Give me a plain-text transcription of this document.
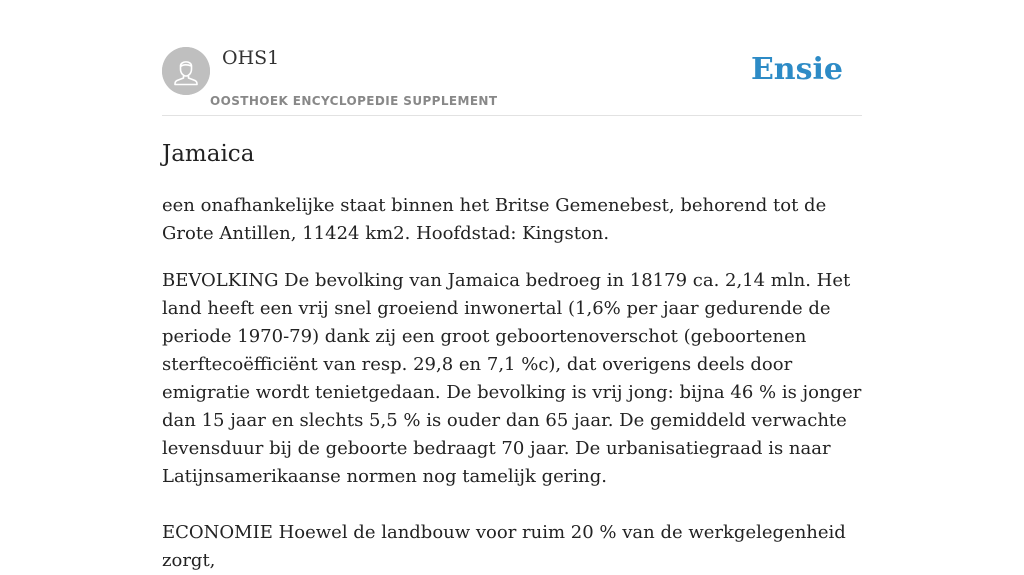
OHS1
OOSTHOEK ENCYCLOPEDIE SUPPLEMENT
Ensie
Jamaica

een onafhankelijke staat binnen het Britse Gemenebest, behorend tot de Grote Antillen, 11424 km2. Hoofdstad: Kingston.

BEVOLKING De bevolking van Jamaica bedroeg in 18179 ca. 2,14 mln. Het land heeft een vrij snel groeiend inwonertal (1,6% per jaar gedurende de periode 1970-79) dank zij een groot geboortenoverschot (geboortenen sterftecoëfficiënt van resp. 29,8 en 7,1 %c), dat overigens deels door emigratie wordt tenietgedaan. De bevolking is vrij jong: bijna 46 % is jonger dan 15 jaar en slechts 5,5 % is ouder dan 65 jaar. De gemiddeld verwachte levensduur bij de geboorte bedraagt 70 jaar. De urbanisatiegraad is naar Latijnsamerikaanse normen nog tamelijk gering.

ECONOMIE Hoewel de landbouw voor ruim 20 % van de werkgelegenheid zorgt,
